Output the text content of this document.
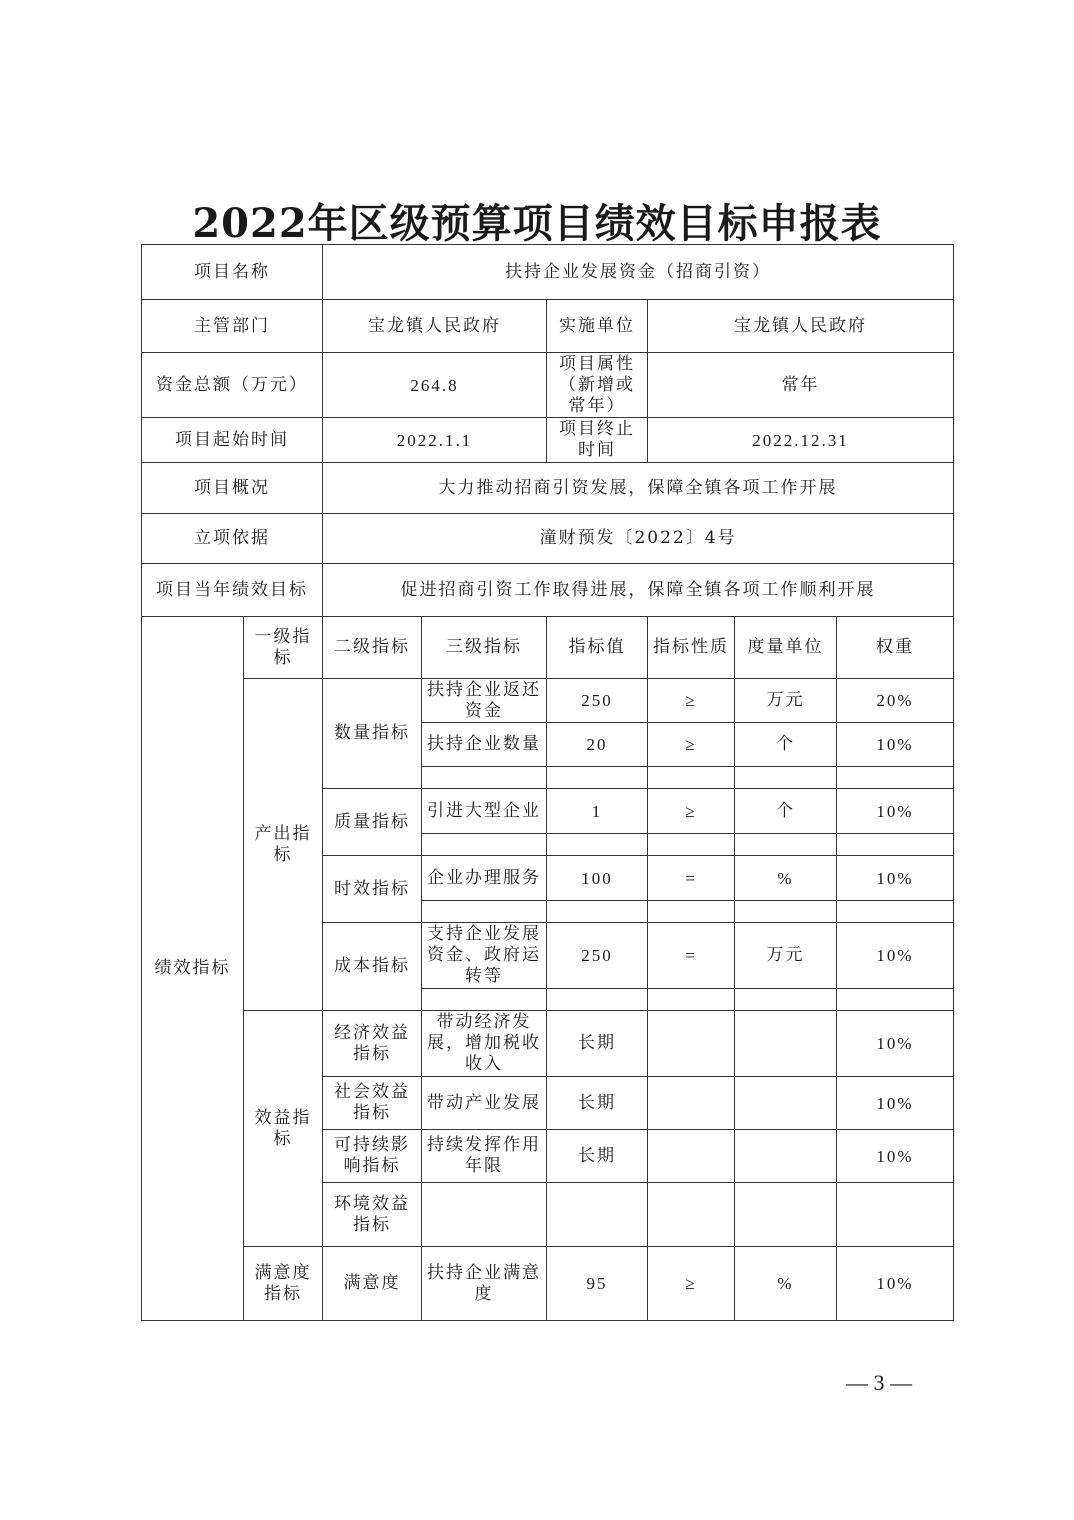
2022年区级预算项目绩效目标申报表
项目名称		扶持企业发展资金（招商引资）					
主管部门		宝龙镇人民政府		实施单位	宝龙镇人民政府		
资金总额（万元）		264.8		项目属性（新增或常年）	常年		
项目起始时间		2022.1.1		项目终止时间	2022.12.31		
项目概况		大力推动招商引资发展，保障全镇各项工作开展					
立项依据		潼财预发〔2022〕4号					
项目当年绩效目标		促进招商引资工作取得进展，保障全镇各项工作顺利开展					
绩效指标	一级指标	二级指标	三级指标	指标值	指标性质	度量单位	权重
	产出指标	数量指标	扶持企业返还资金	250	≥	万元	20%
			扶持企业数量	20	≥	个	10%

		质量指标	引进大型企业	1	≥	个	10%

		时效指标	企业办理服务	100	=	%	10%

		成本指标	支持企业发展资金、政府运转等	250	=	万元	10%

	效益指标	经济效益指标	带动经济发展，增加税收收入	长期			10%
		社会效益指标	带动产业发展	长期			10%
		可持续影响指标	持续发挥作用年限	长期			10%
		环境效益指标					
	满意度指标	满意度	扶持企业满意度	95	≥	%	10%
— 3 —
